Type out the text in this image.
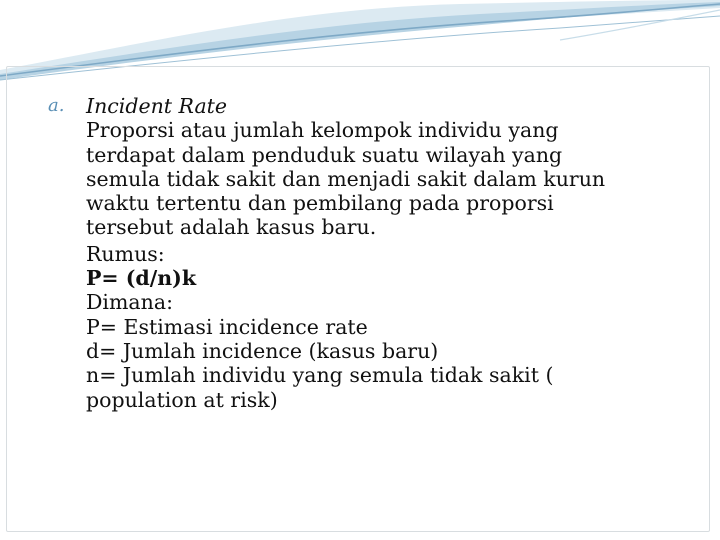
a.	Incident Rate
Proporsi atau jumlah kelompok individu yang
terdapat dalam penduduk suatu wilayah yang
semula tidak sakit dan menjadi sakit dalam kurun
waktu tertentu dan pembilang pada proporsi
tersebut adalah kasus baru.
Rumus:
P= (d/n)k
Dimana:
P= Estimasi incidence rate
d= Jumlah incidence (kasus baru)
n= Jumlah individu yang semula tidak sakit (
population at risk)
